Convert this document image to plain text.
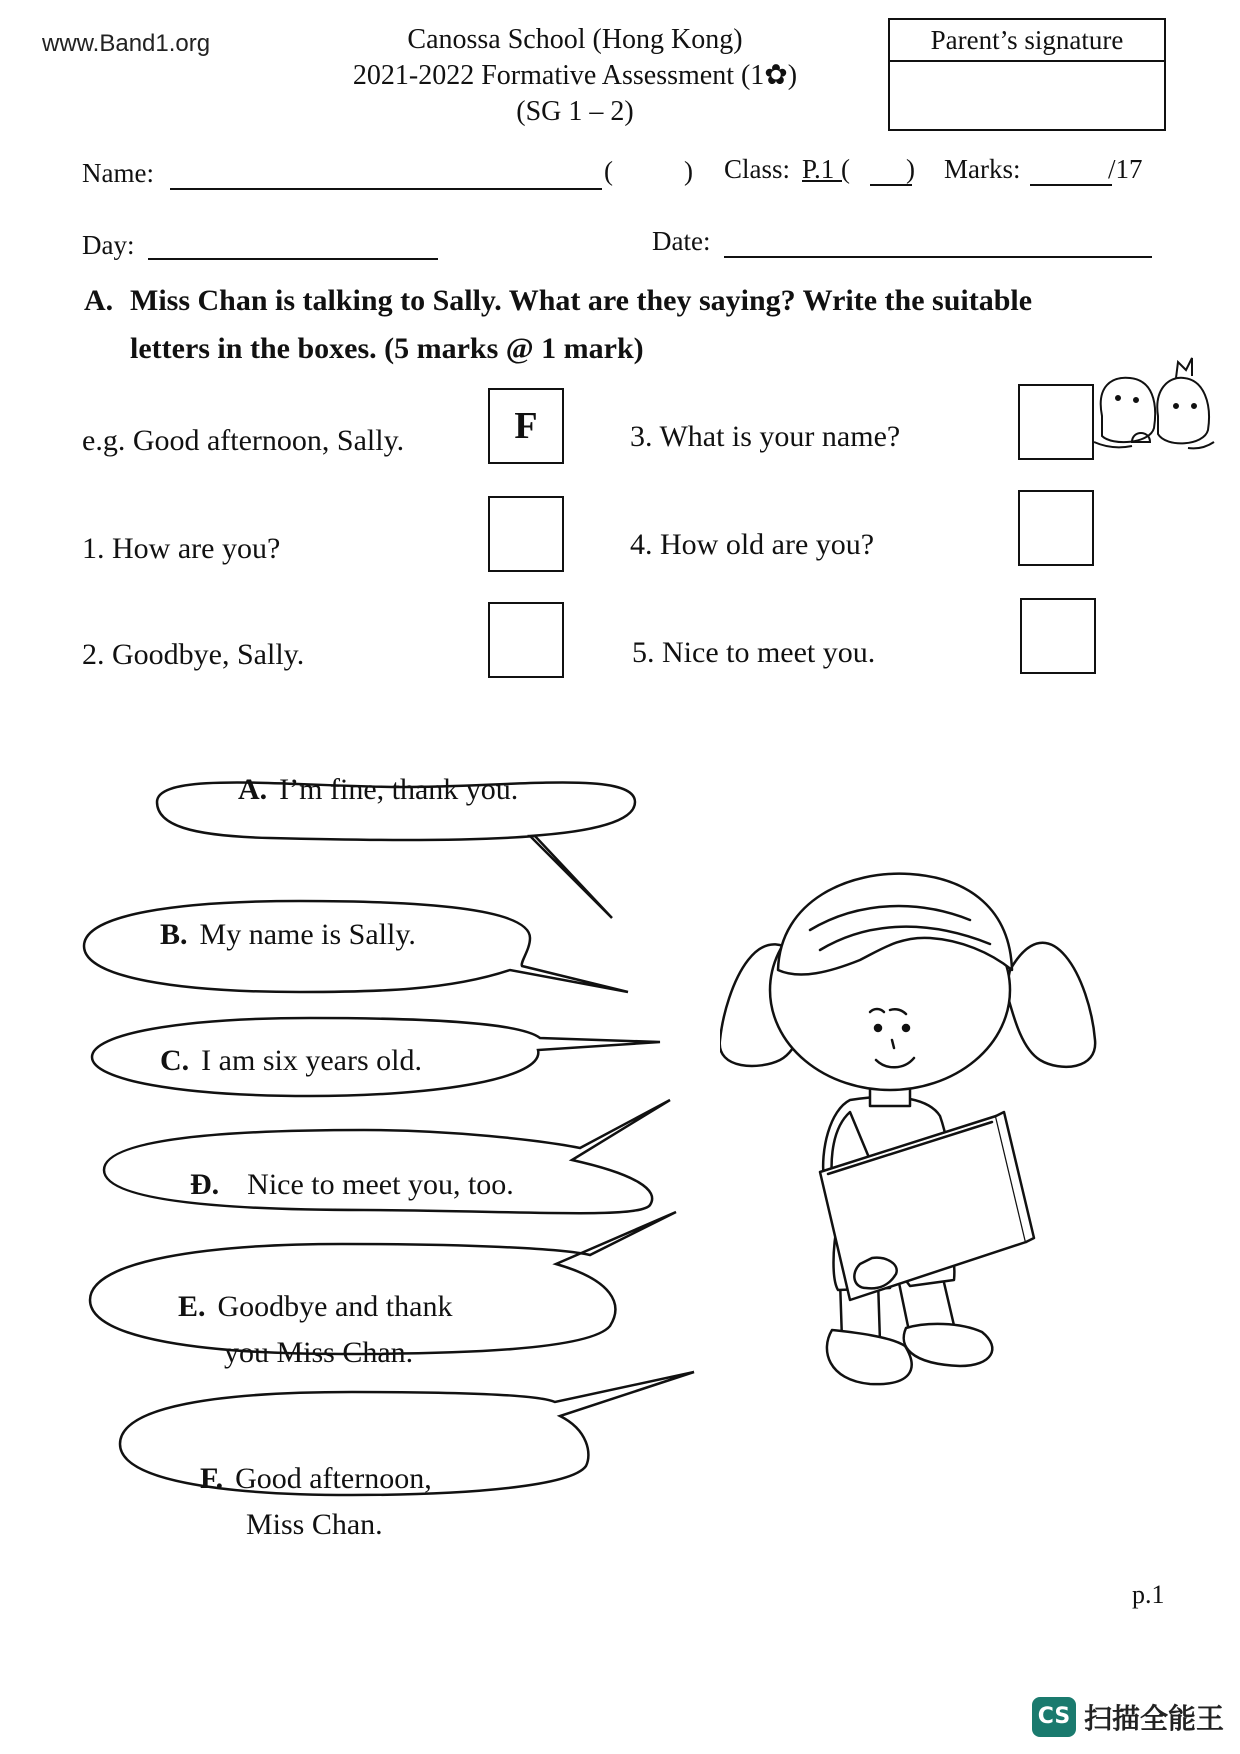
www.Band1.org	Canossa School (Hong Kong)
2021-2022 Formative Assessment (1✿)
(SG 1 – 2)
Parent’s signature
Name:	(	) Class: P.1 ( ) Marks:	/17
Day:	Date:
A. Miss Chan is talking to Sally. What are they saying? Write the suitable
letters in the boxes. (5 marks @ 1 mark)
e.g. Good afternoon, Sally.	F
1. How are you?
2. Goodbye, Sally.
3. What is your name?
4. How old are you?
5. Nice to meet you.
A. I’m fine, thank you.
B. My name is Sally.
C. I am six years old.
Đ. Nice to meet you, too.
E. Goodbye and thank
you Miss Chan.
F. Good afternoon,
Miss Chan.
p.1
CS 扫描全能王
